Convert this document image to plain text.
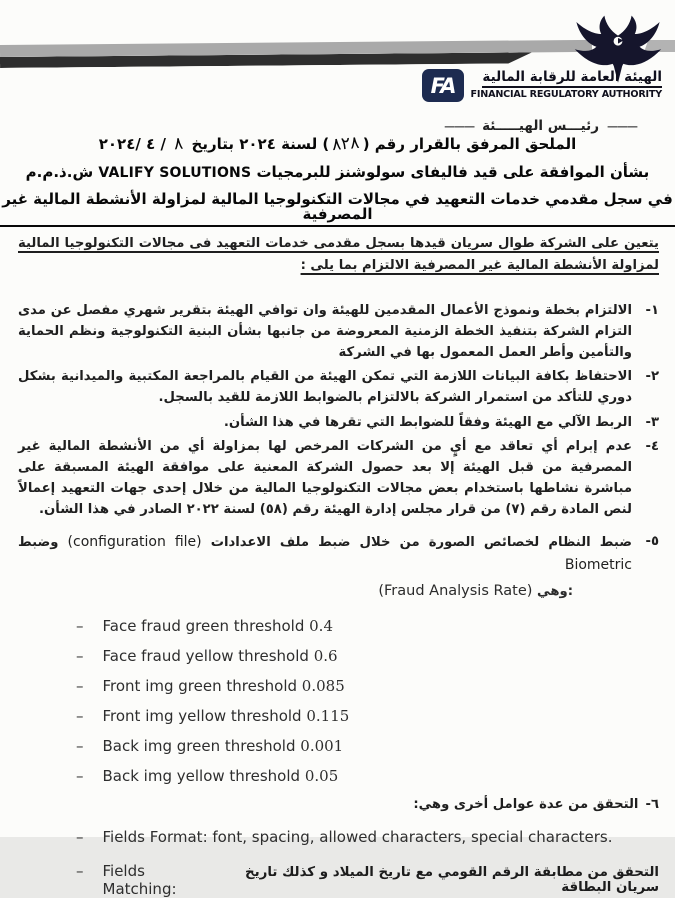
FA	الهيئة العامة للرقابة المالية
FINANCIAL REGULATORY AUTHORITY
——— رئيـــس الهيـــــئة ———
الملحق المرفق بالقرار رقم (٨٢٨) لسنة ٢٠٢٤ بتاريخ ٨ / ٤ /٢٠٢٤
بشأن الموافقة على قيد فاليفاى سولوشنز للبرمجيات VALIFY SOLUTIONS ش.ذ.م.م
في سجل مقدمي خدمات التعهيد في مجالات التكنولوجيا المالية لمزاولة الأنشطة المالية غير المصرفية

يتعين على الشركة طوال سريان قيدها بسجل مقدمى خدمات التعهيد فى مجالات التكنولوجيا المالية لمزاولة الأنشطة المالية غير المصرفية الالتزام بما يلى :

١-
الالتزام بخطة ونموذج الأعمال المقدمين للهيئة وان توافي الهيئة بتقرير شهري مفصل عن مدى التزام الشركة بتنفيذ الخطة الزمنية المعروضة من جانبها بشأن البنية التكنولوجية ونظم الحماية والتأمين وأطر العمل المعمول بها في الشركة
٢-
الاحتفاظ بكافة البيانات اللازمة التي تمكن الهيئة من القيام بالمراجعة المكتبية والميدانية بشكل دوري للتأكد من استمرار الشركة بالالتزام بالضوابط اللازمة للقيد بالسجل.
٣-
الربط الآلي مع الهيئة وفقاً للضوابط التي تقرها في هذا الشأن.
٤-
عدم إبرام أي تعاقد مع أيٍ من الشركات المرخص لها بمزاولة أي من الأنشطة المالية غير المصرفية من قبل الهيئة إلا بعد حصول الشركة المعنية على موافقة الهيئة المسبقة على مباشرة نشاطها باستخدام بعض مجالات التكنولوجيا المالية من خلال إحدى جهات التعهيد إعمالاً لنص المادة رقم (٧) من قرار مجلس إدارة الهيئة رقم (٥٨) لسنة ٢٠٢٢ الصادر في هذا الشأن.
٥-
ضبط النظام لخصائص الصورة من خلال ضبط ملف الاعدادات (configuration file) وضبط Biometric
(Fraud Analysis Rate) وهي:
– Face fraud green threshold 0.4
– Face fraud yellow threshold 0.6
– Front img green threshold 0.085
– Front img yellow threshold 0.115
– Back img green threshold 0.001
– Back img yellow threshold 0.05
٦-
التحقق من عدة عوامل أخرى وهي:
– Fields Format: font, spacing, allowed characters, special characters.
– Fields Matching:
التحقق من مطابقة الرقم القومي مع تاريخ الميلاد و كذلك تاريخ سريان البطاقة
